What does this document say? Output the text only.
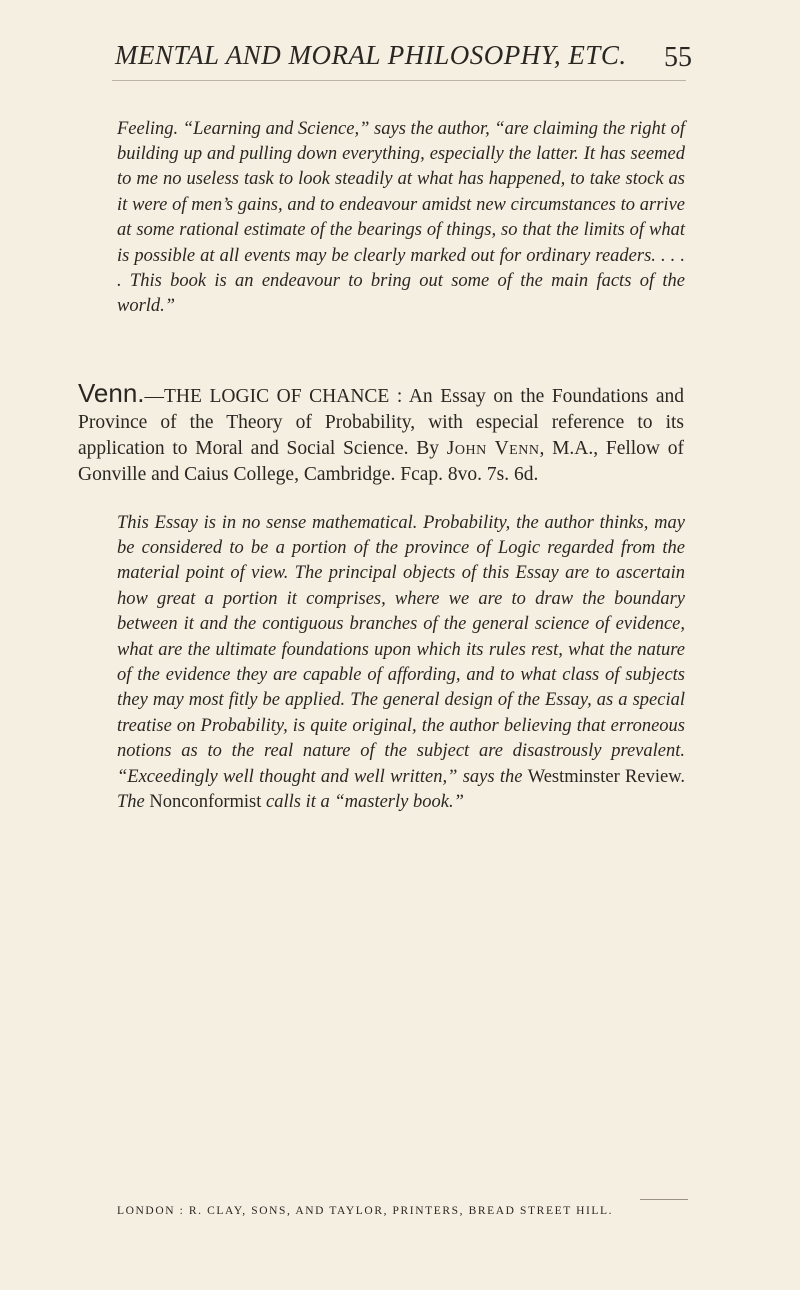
MENTAL AND MORAL PHILOSOPHY, ETC.	55

Feeling. “Learning and Science,” says the author, “are claiming the right of building up and pulling down everything, especially the latter. It has seemed to me no useless task to look steadily at what has happened, to take stock as it were of men’s gains, and to endeavour amidst new circumstances to arrive at some rational estimate of the bearings of things, so that the limits of what is possible at all events may be clearly marked out for ordinary readers. . . . . This book is an endeavour to bring out some of the main facts of the world.”

Venn.—THE LOGIC OF CHANCE : An Essay on the Foundations and Province of the Theory of Probability, with especial reference to its application to Moral and Social Science. By John Venn, M.A., Fellow of Gonville and Caius College, Cambridge. Fcap. 8vo. 7s. 6d.

This Essay is in no sense mathematical. Probability, the author thinks, may be considered to be a portion of the province of Logic regarded from the material point of view. The principal objects of this Essay are to ascertain how great a portion it comprises, where we are to draw the boundary between it and the contiguous branches of the general science of evidence, what are the ultimate foundations upon which its rules rest, what the nature of the evidence they are capable of affording, and to what class of subjects they may most fitly be applied. The general design of the Essay, as a special treatise on Probability, is quite original, the author believing that erroneous notions as to the real nature of the subject are disastrously prevalent. “Exceedingly well thought and well written,” says the Westminster Review. The Nonconformist calls it a “masterly book.”

LONDON : R. CLAY, SONS, AND TAYLOR, PRINTERS, BREAD STREET HILL.
